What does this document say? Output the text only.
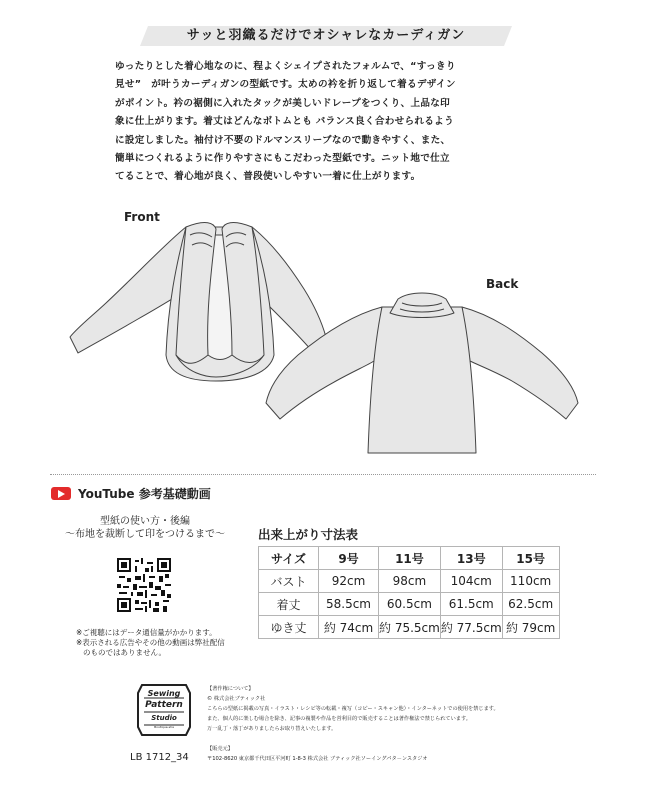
サッと羽織るだけでオシャレなカーディガン
ゆったりとした着心地なのに、程よくシェイプされたフォルムで、“すっきり
見せ”　が叶うカーディガンの型紙です。太めの衿を折り返して着るデザイン
がポイント。衿の裾側に入れたタックが美しいドレープをつくり、上品な印
象に仕上がります。着丈はどんなボトムとも バランス良く合わせられるよう
に設定しました。袖付け不要のドルマンスリーブなので動きやすく、また、
簡単につくれるように作りやすさにもこだわった型紙です。ニット地で仕立
てることで、着心地が良く、普段使いしやすい一着に仕上がります。
Front
Back
YouTube 参考基礎動画
型紙の使い方・後編
～布地を裁断して印をつけるまで～
※ご視聴にはデータ通信量がかかります。
※表示される広告やその他の動画は弊社配信
のものではありません。
出来上がり寸法表
サイズ	9号	11号	13号	15号
バスト	92cm	98cm	104cm	110cm
着丈	58.5cm	60.5cm	61.5cm	62.5cm
ゆき丈	約 74cm	約 75.5cm	約 77.5cm	約 79cm
Sewing
Pattern
Studio
Boutique-sha
LB 1712_34
【著作権について】
© 株式会社ブティック社
こちらの型紙に掲載の写真・イラスト・レシピ等の転載・複写（コピー・スキャン他）・インターネットでの使用を禁じます。
また、個人的に楽しむ場合を除き、記事の複製や作品を営利目的で販売することは著作権法で禁じられています。
万一乱丁・落丁がありましたらお取り替えいたします。

【販売元】
〒102-8620 東京都千代田区平河町 1-8-3 株式会社 ブティック社ソーイングパタ－ンスタジオ
